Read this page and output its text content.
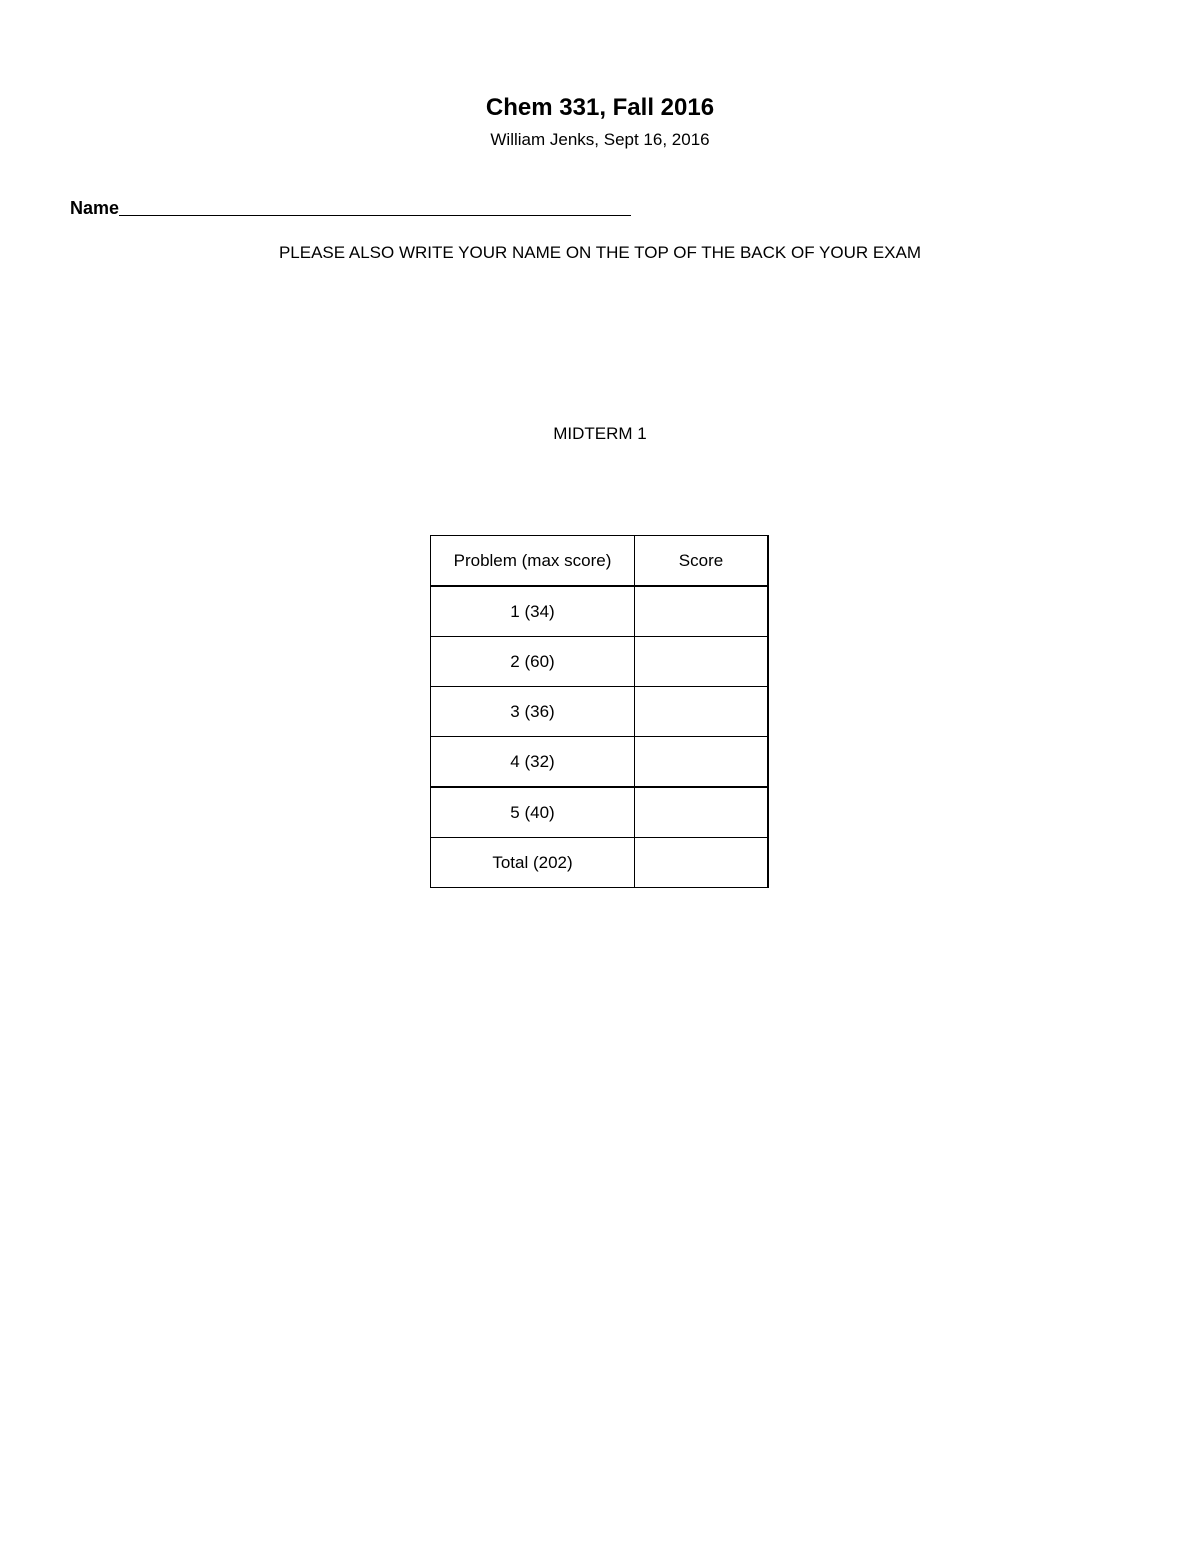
Chem 331, Fall 2016
William Jenks, Sept 16, 2016
Name
PLEASE ALSO WRITE YOUR NAME ON THE TOP OF THE BACK OF YOUR EXAM
MIDTERM 1
Problem (max score)	Score
1 (34)	
2 (60)	
3 (36)	
4 (32)	
5 (40)	
Total (202)	
